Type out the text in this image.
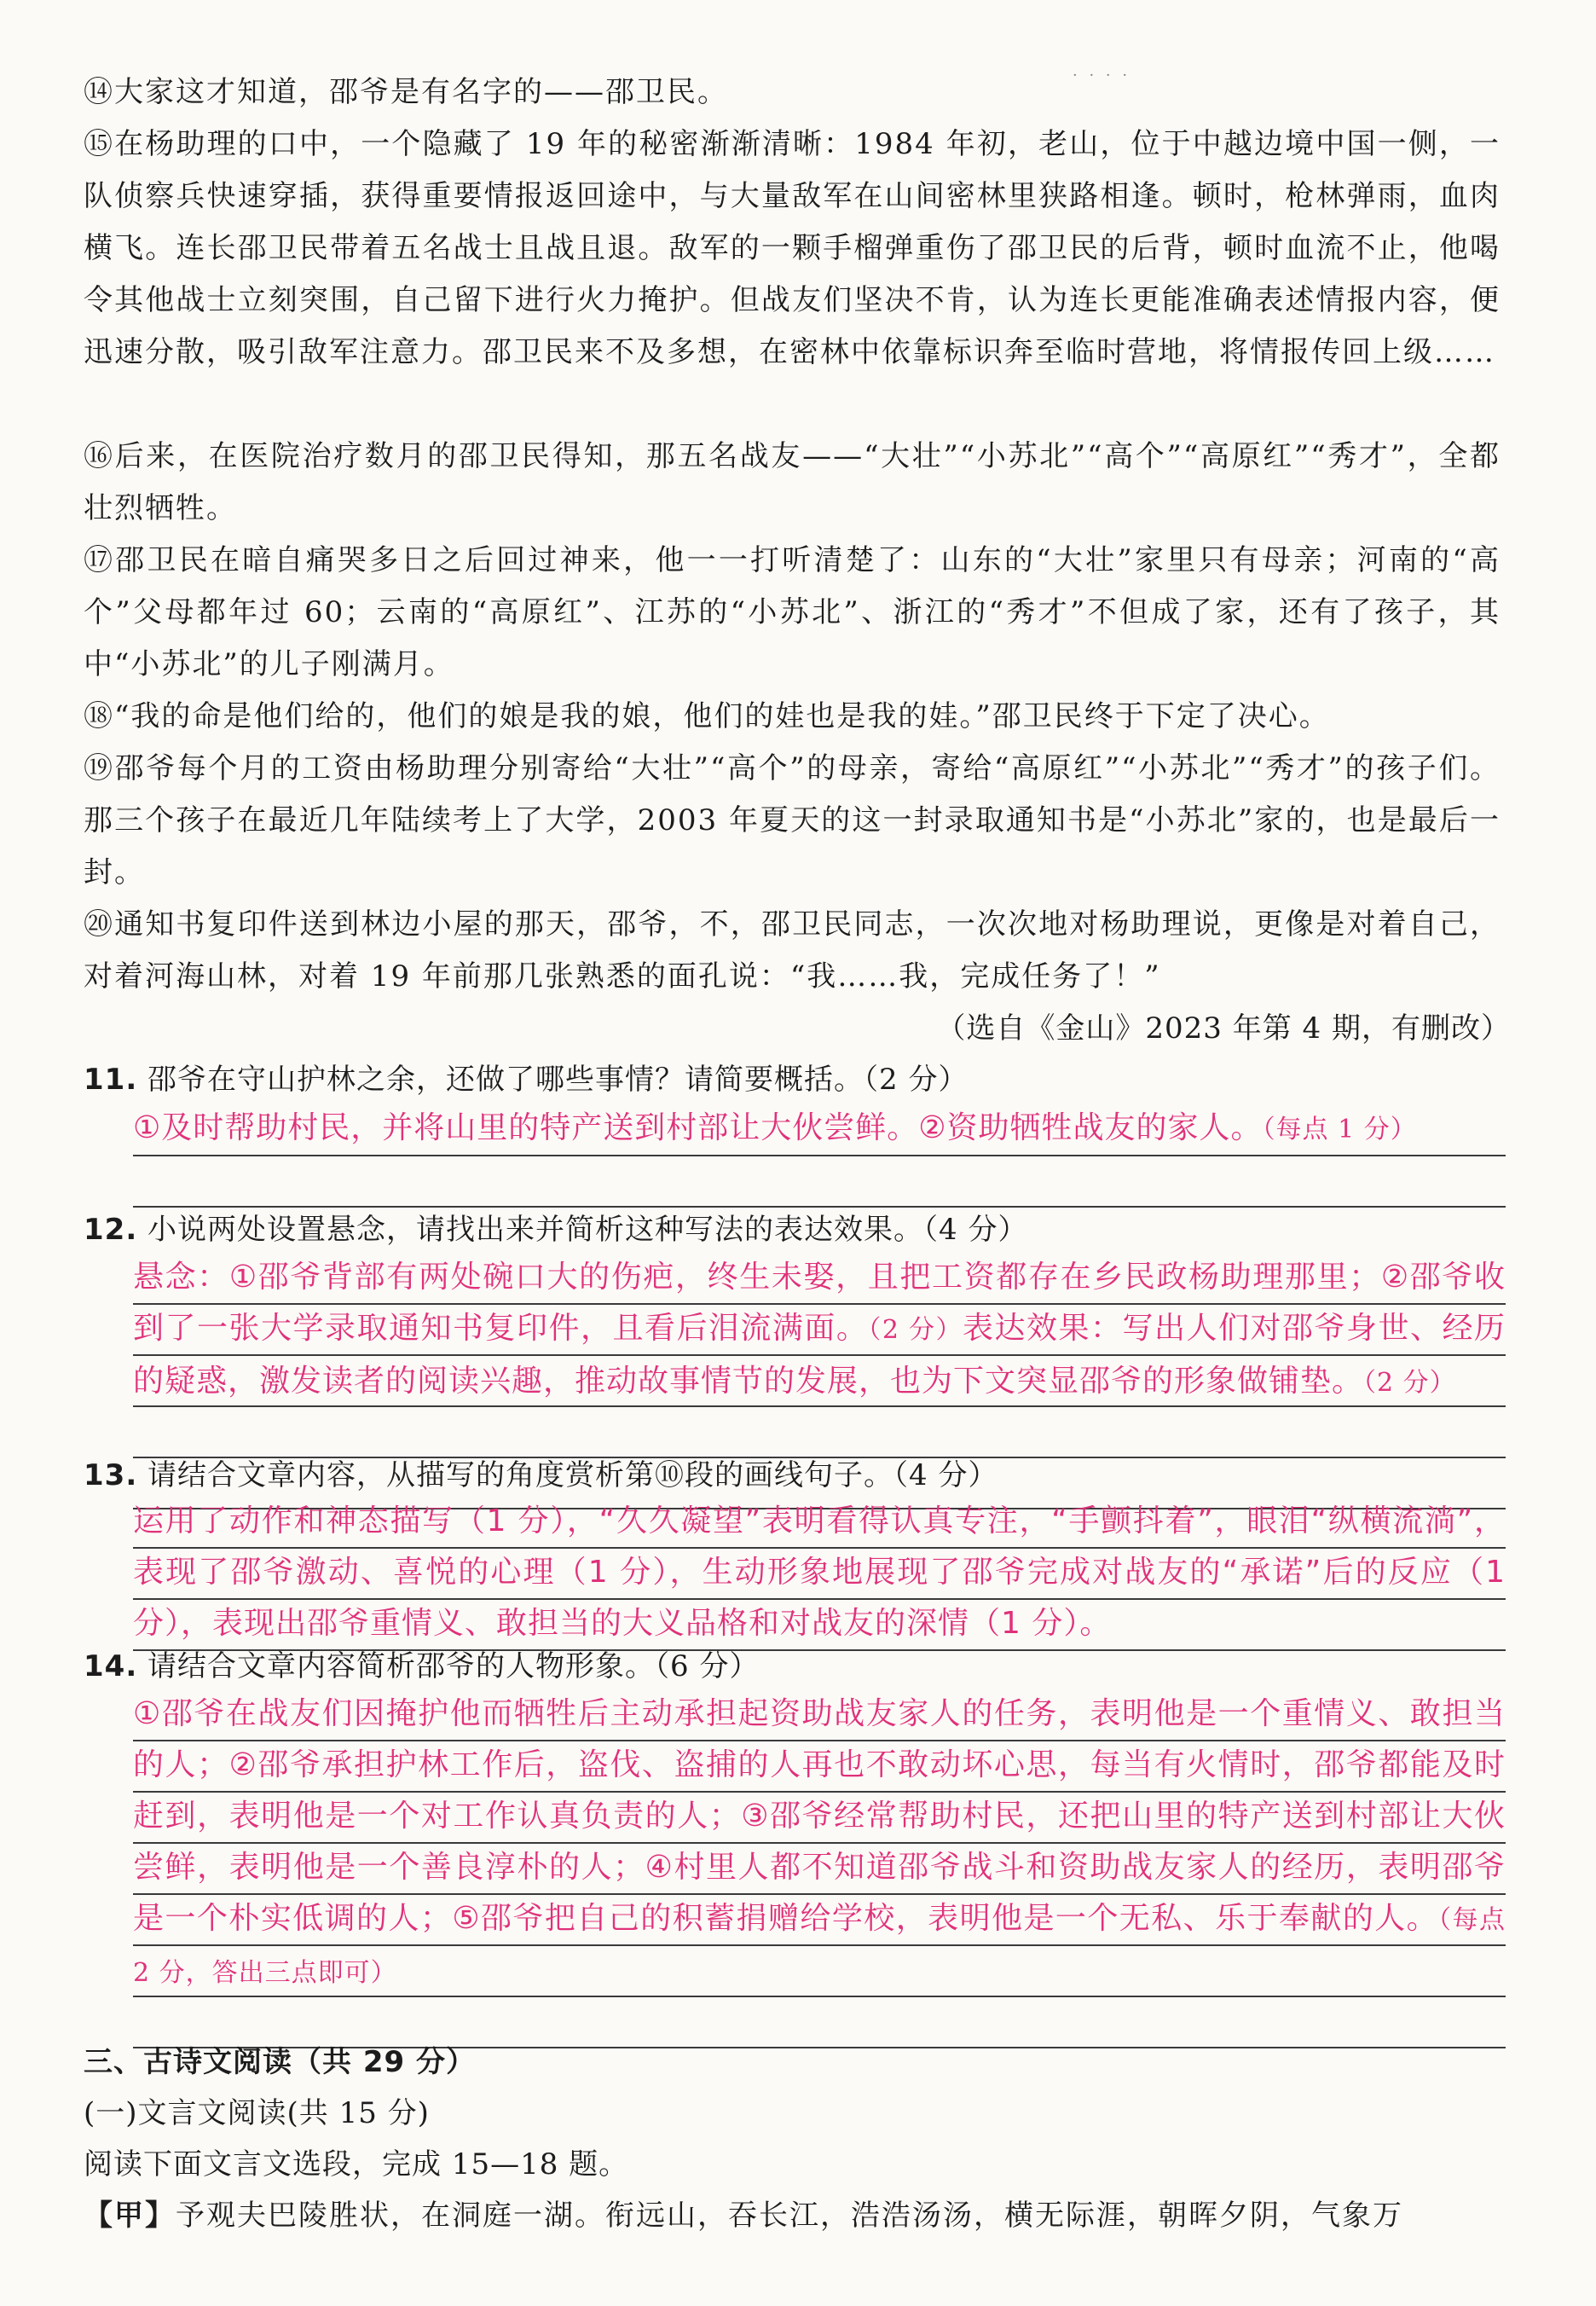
· · · ·
⑭大家这才知道，邵爷是有名字的——邵卫民。
⑮在杨助理的口中，一个隐藏了 19 年的秘密渐渐清晰：1984 年初，老山，位于中越边境中国一侧，一队侦察兵快速穿插，获得重要情报返回途中，与大量敌军在山间密林里狭路相逢。顿时，枪林弹雨，血肉横飞。连长邵卫民带着五名战士且战且退。敌军的一颗手榴弹重伤了邵卫民的后背，顿时血流不止，他喝令其他战士立刻突围，自己留下进行火力掩护。但战友们坚决不肯，认为连长更能准确表述情报内容，便迅速分散，吸引敌军注意力。邵卫民来不及多想，在密林中依靠标识奔至临时营地，将情报传回上级……
⑯后来，在医院治疗数月的邵卫民得知，那五名战友——“大壮”“小苏北”“高个”“高原红”“秀才”，全都壮烈牺牲。
⑰邵卫民在暗自痛哭多日之后回过神来，他一一打听清楚了：山东的“大壮”家里只有母亲；河南的“高个”父母都年过 60；云南的“高原红”、江苏的“小苏北”、浙江的“秀才”不但成了家，还有了孩子，其中“小苏北”的儿子刚满月。
⑱“我的命是他们给的，他们的娘是我的娘，他们的娃也是我的娃。”邵卫民终于下定了决心。
⑲邵爷每个月的工资由杨助理分别寄给“大壮”“高个”的母亲，寄给“高原红”“小苏北”“秀才”的孩子们。那三个孩子在最近几年陆续考上了大学，2003 年夏天的这一封录取通知书是“小苏北”家的，也是最后一封。
⑳通知书复印件送到林边小屋的那天，邵爷，不，邵卫民同志，一次次地对杨助理说，更像是对着自己，对着河海山林，对着 19 年前那几张熟悉的面孔说：“我……我，完成任务了！”
（选自《金山》2023 年第 4 期，有删改）
11. 邵爷在守山护林之余，还做了哪些事情？请简要概括。（2 分）
①及时帮助村民，并将山里的特产送到村部让大伙尝鲜。②资助牺牲战友的家人。（每点 1 分）
12. 小说两处设置悬念，请找出来并简析这种写法的表达效果。（4 分）
悬念：①邵爷背部有两处碗口大的伤疤，终生未娶，且把工资都存在乡民政杨助理那里；②邵爷收到了一张大学录取通知书复印件，且看后泪流满面。（2 分）表达效果：写出人们对邵爷身世、经历的疑惑，激发读者的阅读兴趣，推动故事情节的发展，也为下文突显邵爷的形象做铺垫。（2 分）
13. 请结合文章内容，从描写的角度赏析第⑩段的画线句子。（4 分）
运用了动作和神态描写（1 分），“久久凝望”表明看得认真专注，“手颤抖着”，眼泪“纵横流淌”，表现了邵爷激动、喜悦的心理（1 分），生动形象地展现了邵爷完成对战友的“承诺”后的反应（1 分），表现出邵爷重情义、敢担当的大义品格和对战友的深情（1 分）。
14. 请结合文章内容简析邵爷的人物形象。（6 分）
①邵爷在战友们因掩护他而牺牲后主动承担起资助战友家人的任务，表明他是一个重情义、敢担当的人；②邵爷承担护林工作后，盗伐、盗捕的人再也不敢动坏心思，每当有火情时，邵爷都能及时赶到，表明他是一个对工作认真负责的人；③邵爷经常帮助村民，还把山里的特产送到村部让大伙尝鲜，表明他是一个善良淳朴的人；④村里人都不知道邵爷战斗和资助战友家人的经历，表明邵爷是一个朴实低调的人；⑤邵爷把自己的积蓄捐赠给学校，表明他是一个无私、乐于奉献的人。（每点 2 分，答出三点即可）
三、古诗文阅读（共 29 分）
(一)文言文阅读(共 15 分)
阅读下面文言文选段，完成 15—18 题。
【甲】予观夫巴陵胜状，在洞庭一湖。衔远山，吞长江，浩浩汤汤，横无际涯，朝晖夕阴，气象万
